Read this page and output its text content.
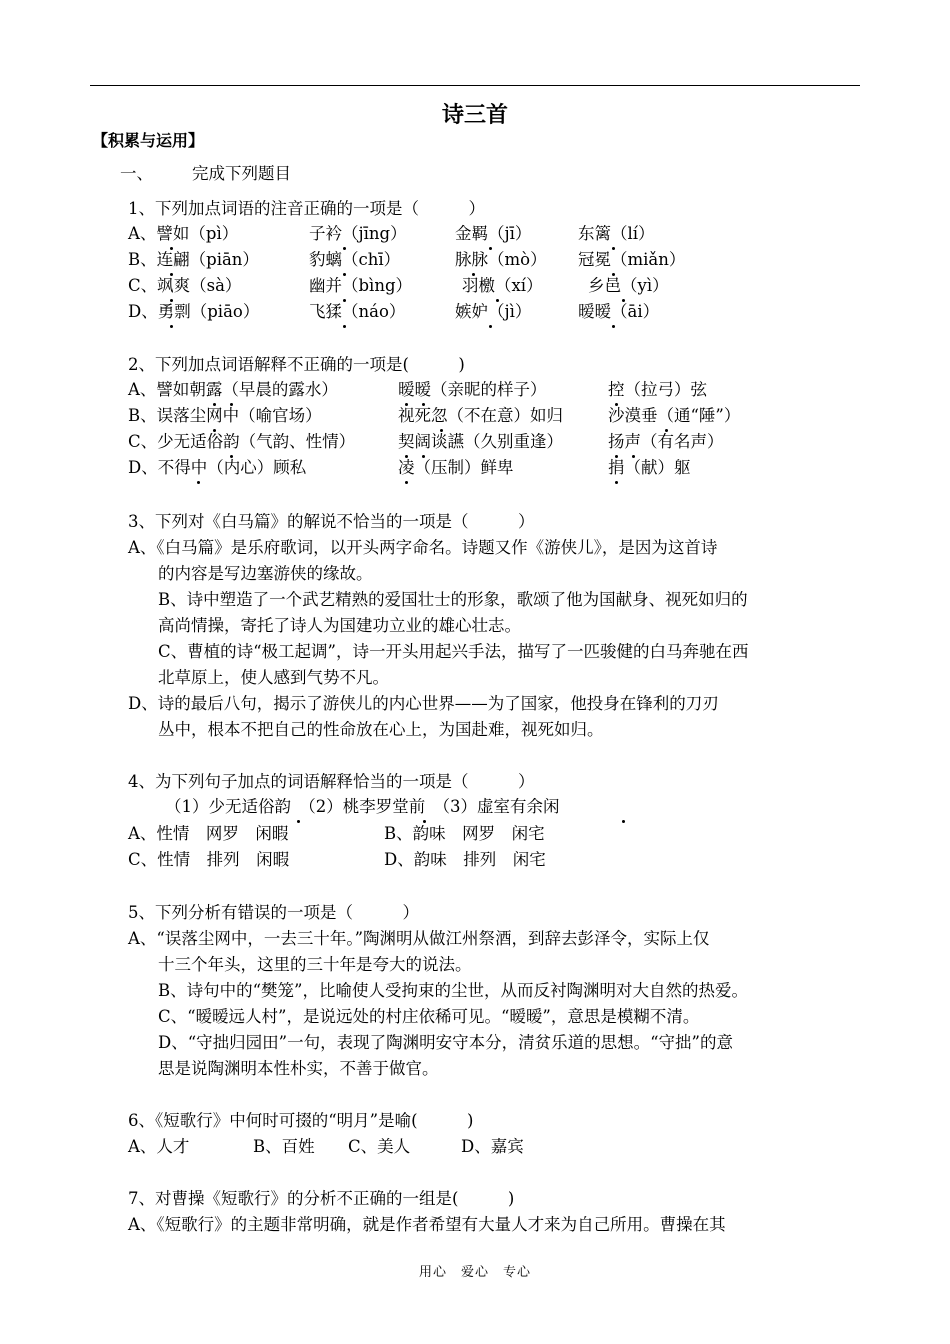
诗三首
【积累与运用】
一、 完成下列题目
1、下列加点词语的注音正确的一项是（　　　）
A、譬如（pì）	子衿（jīng）	金羁（jī）	东篱（lí）
B、连翩（piān）	豹螭（chī）	脉脉（mò） 冠冕（miǎn）
C、飒爽（sà）	幽并（bìng）	羽檄（xí）	乡邑（yì）
D、勇剽（piāo）	飞猱（náo）	嫉妒（jì）	暧暧（āi）
2、下列加点词语解释不正确的一项是(　　　)
A、譬如朝露（早晨的露水）	暧暧（亲昵的样子）	控（拉弓）弦
B、误落尘网中（喻官场）	视死忽（不在意）如归	沙漠垂（通“陲”）
C、少无适俗韵（气韵、性情）	契阔谈讌（久别重逢）	扬声（有名声）
D、不得中（内心）顾私	凌（压制）鲜卑	捐（献）躯
3、下列对《白马篇》的解说不恰当的一项是（　　　）
A、《白马篇》是乐府歌词，以开头两字命名。诗题又作《游侠儿》，是因为这首诗
的内容是写边塞游侠的缘故。
B、诗中塑造了一个武艺精熟的爱国壮士的形象，歌颂了他为国献身、视死如归的
高尚情操，寄托了诗人为国建功立业的雄心壮志。
C、曹植的诗“极工起调”，诗一开头用起兴手法，描写了一匹骏健的白马奔驰在西
北草原上，使人感到气势不凡。
D、诗的最后八句，揭示了游侠儿的内心世界——为了国家，他投身在锋利的刀刃
丛中，根本不把自己的性命放在心上，为国赴难，视死如归。
4、为下列句子加点的词语解释恰当的一项是（　　　）
（1）少无适俗韵　（2）桃李罗堂前　（3）虚室有余闲
A、性情　网罗　闲暇	B、韵味　网罗　闲宅
C、性情　排列　闲暇	D、韵味　排列　闲宅
5、下列分析有错误的一项是（　　　）
A、“误落尘网中，一去三十年。”陶渊明从做江州祭酒，到辞去彭泽令，实际上仅
十三个年头，这里的三十年是夸大的说法。
B、诗句中的“樊笼”，比喻使人受拘束的尘世，从而反衬陶渊明对大自然的热爱。
C、“暧暧远人村”，是说远处的村庄依稀可见。“暧暧”，意思是模糊不清。
D、“守拙归园田”一句，表现了陶渊明安守本分，清贫乐道的思想。“守拙”的意
思是说陶渊明本性朴实，不善于做官。
6、《短歌行》中何时可掇的“明月”是喻(　　　)
A、人才	B、百姓 C、美人	D、嘉宾
7、对曹操《短歌行》的分析不正确的一组是(　　　)
A、《短歌行》的主题非常明确，就是作者希望有大量人才来为自己所用。曹操在其
用心　爱心　专心
